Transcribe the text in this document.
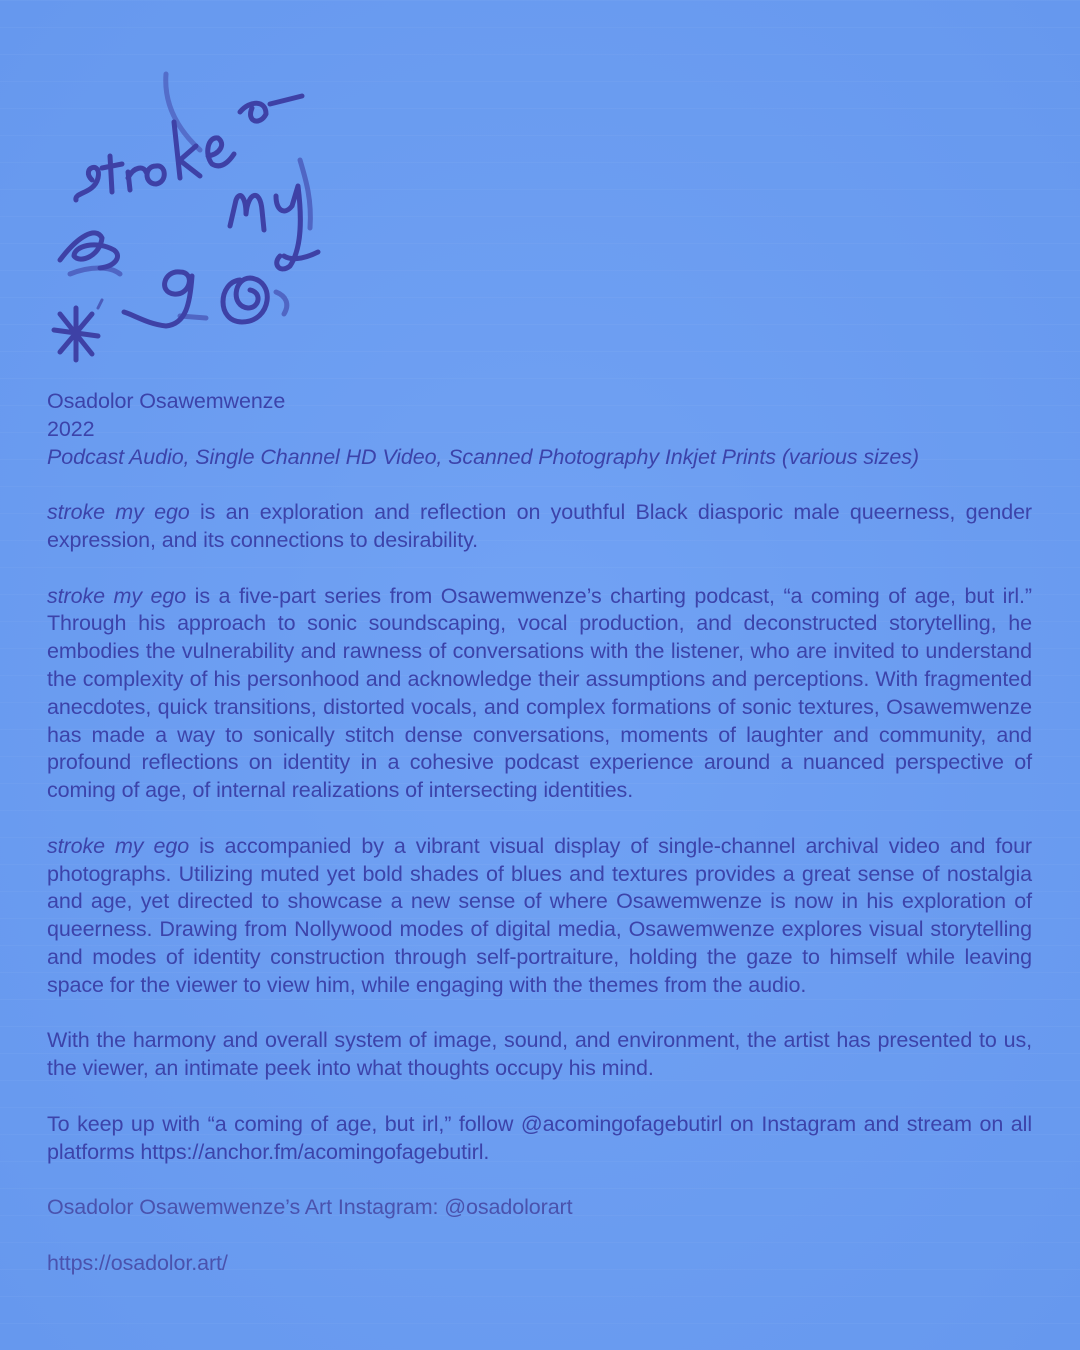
Osadolor Osawemwenze

2022

Podcast Audio, Single Channel HD Video, Scanned Photography Inkjet Prints (various sizes)

stroke my ego is an exploration and reflection on youthful Black diasporic male queerness, gender expression, and its connections to desirability.

stroke my ego is a five-part series from Osawemwenze’s charting podcast, “a coming of age, but irl.” Through his approach to sonic soundscaping, vocal production, and deconstructed storytelling, he embodies the vulnerability and rawness of conversations with the listener, who are invited to understand the complexity of his personhood and acknowledge their assumptions and perceptions. With fragmented anecdotes, quick transitions, distorted vocals, and complex formations of sonic textures, Osawemwenze has made a way to sonically stitch dense conversations, moments of laughter and community, and profound reflections on identity in a cohesive podcast experience around a nuanced perspective of coming of age, of internal realizations of intersecting identities.

stroke my ego is accompanied by a vibrant visual display of single-channel archival video and four photographs. Utilizing muted yet bold shades of blues and textures provides a great sense of nostalgia and age, yet directed to showcase a new sense of where Osawemwenze is now in his exploration of queerness. Drawing from Nollywood modes of digital media, Osawemwenze explores visual storytelling and modes of identity construction through self-portraiture, holding the gaze to himself while leaving space for the viewer to view him, while engaging with the themes from the audio.

With the harmony and overall system of image, sound, and environment, the artist has presented to us, the viewer, an intimate peek into what thoughts occupy his mind.

To keep up with “a coming of age, but irl,” follow @acomingofagebutirl on Instagram and stream on all platforms https://anchor.fm/acomingofagebutirl.

Osadolor Osawemwenze’s Art Instagram: @osadolorart

https://osadolor.art/
